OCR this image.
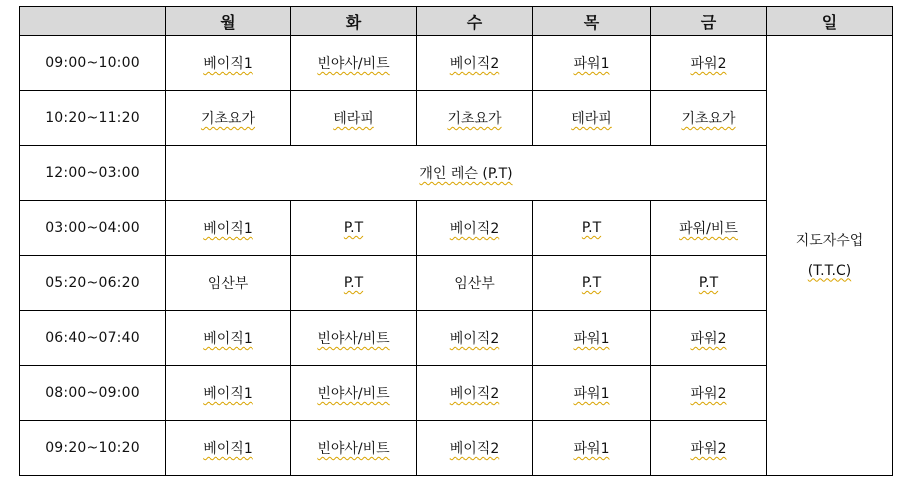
	월	화	수	목	금	일
09:00~10:00	베이직1	빈야사/비트	베이직2	파워1	파워2	지도자수업
(T.T.C)

10:20~11:20	기초요가	테라피	기초요가	테라피	기초요가	
12:00~03:00	개인 레슨 (P.T)					
03:00~04:00	베이직1	P.T	베이직2	P.T	파워/비트	
05:20~06:20	임산부	P.T	임산부	P.T	P.T	
06:40~07:40	베이직1	빈야사/비트	베이직2	파워1	파워2	
08:00~09:00	베이직1	빈야사/비트	베이직2	파워1	파워2	
09:20~10:20	베이직1	빈야사/비트	베이직2	파워1	파워2	
